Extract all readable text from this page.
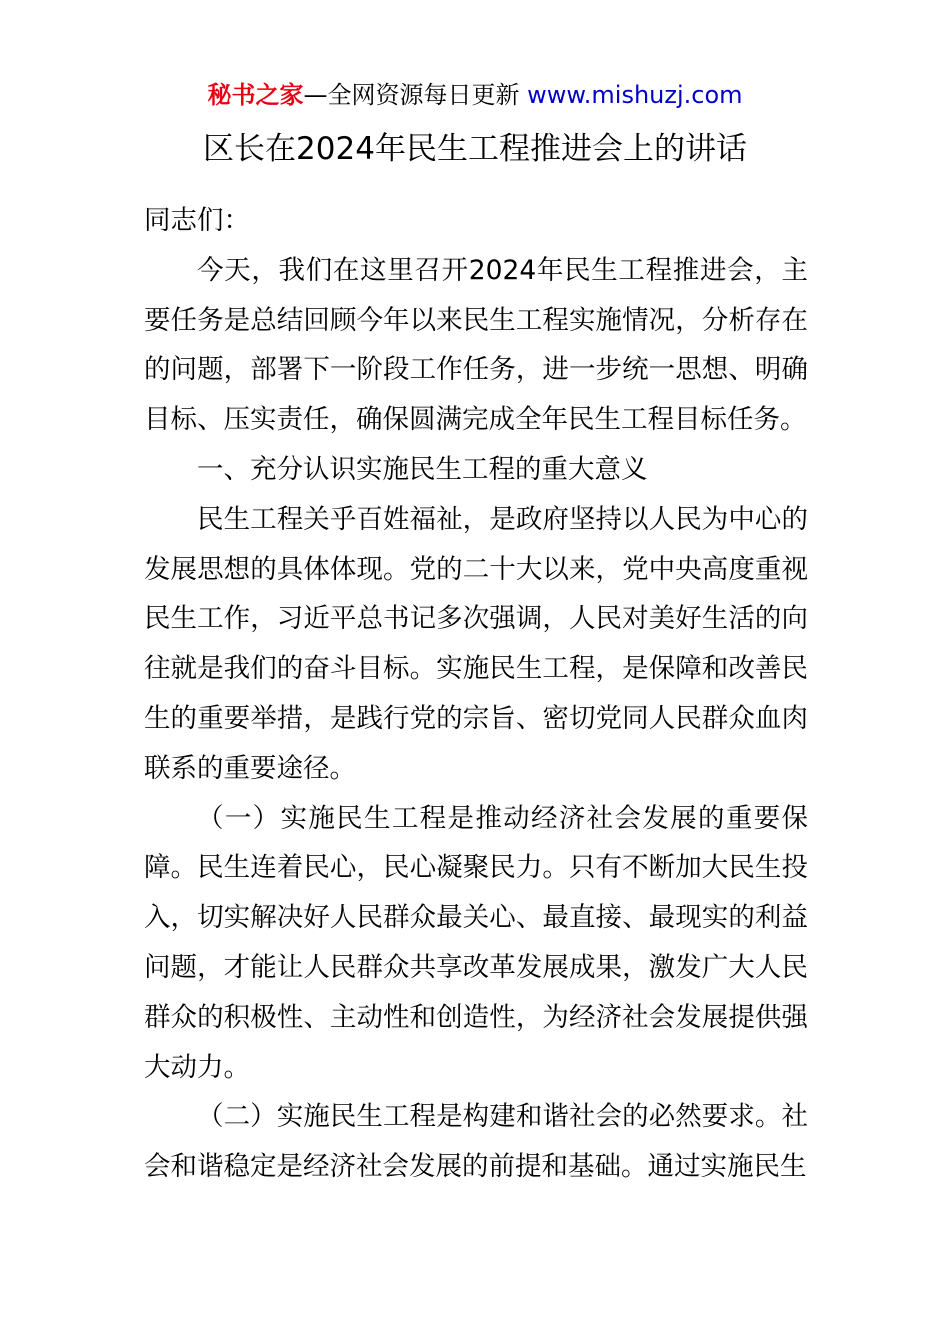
秘书之家—全网资源每日更新 www.mishuzj.com
区长在2024年民生工程推进会上的讲话

同志们：

今天，我们在这里召开2024年民生工程推进会，主要任务是总结回顾今年以来民生工程实施情况，分析存在的问题，部署下一阶段工作任务，进一步统一思想、明确目标、压实责任，确保圆满完成全年民生工程目标任务。

一、充分认识实施民生工程的重大意义

民生工程关乎百姓福祉，是政府坚持以人民为中心的发展思想的具体体现。党的二十大以来，党中央高度重视民生工作，习近平总书记多次强调，人民对美好生活的向往就是我们的奋斗目标。实施民生工程，是保障和改善民生的重要举措，是践行党的宗旨、密切党同人民群众血肉联系的重要途径。

（一）实施民生工程是推动经济社会发展的重要保障。民生连着民心，民心凝聚民力。只有不断加大民生投入，切实解决好人民群众最关心、最直接、最现实的利益问题，才能让人民群众共享改革发展成果，激发广大人民群众的积极性、主动性和创造性，为经济社会发展提供强大动力。

（二）实施民生工程是构建和谐社会的必然要求。社会和谐稳定是经济社会发展的前提和基础。通过实施民生
